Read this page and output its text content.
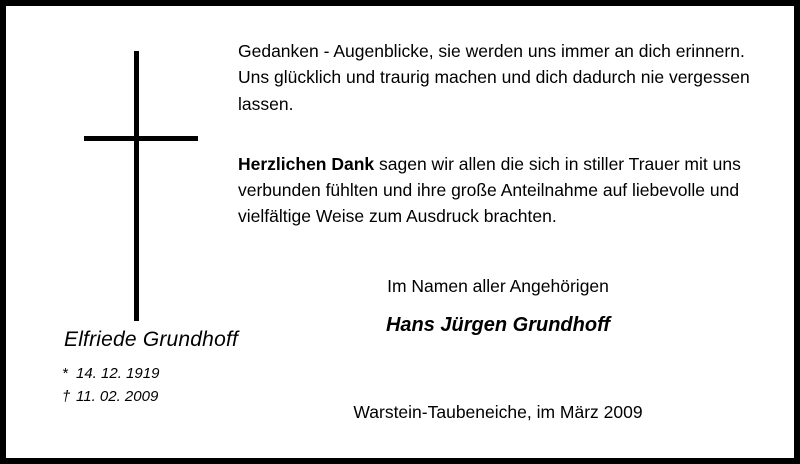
Gedanken - Augenblicke, sie werden uns immer an dich erinnern. Uns glücklich und traurig machen und dich dadurch nie vergessen lassen.

Herzlichen Dank sagen wir allen die sich in stiller Trauer mit uns verbunden fühlten und ihre große Anteilnahme auf liebevolle und vielfältige Weise zum Ausdruck brachten.

Im Namen aller Angehörigen
Hans Jürgen Grundhoff
Warstein-Taubeneiche, im März 2009
Elfriede Grundhoff
* 14. 12. 1919
† 11. 02. 2009
